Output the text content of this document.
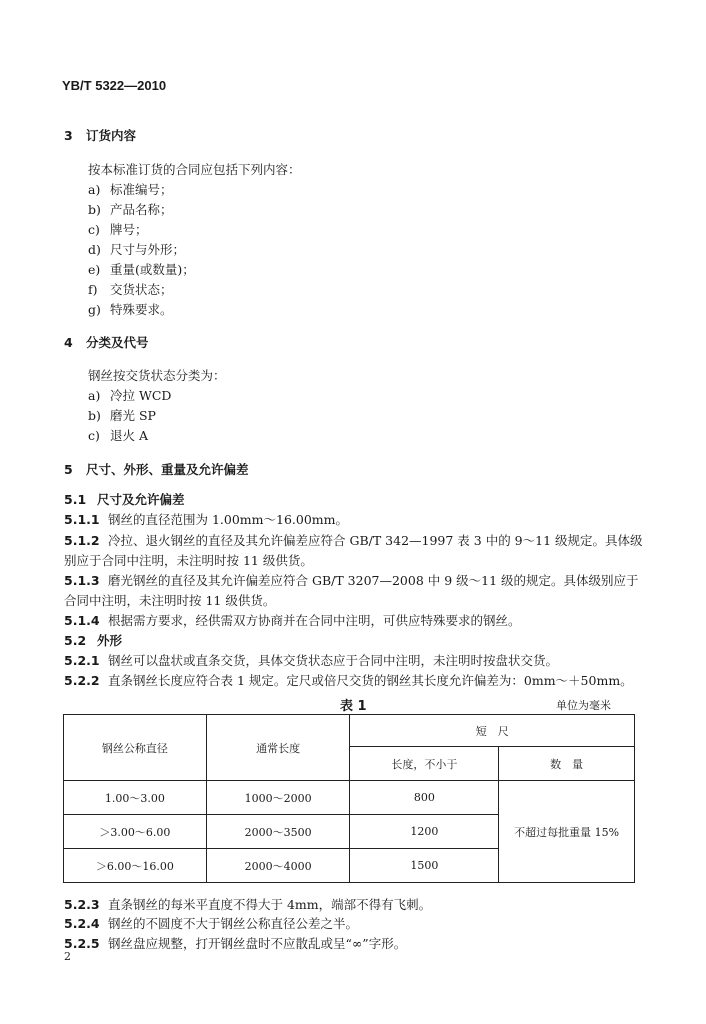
YB/T 5322—2010
3 订货内容
按本标准订货的合同应包括下列内容：
a) 标准编号；
b) 产品名称；
c) 牌号；
d) 尺寸与外形；
e) 重量(或数量)；
f) 交货状态；
g) 特殊要求。
4 分类及代号
钢丝按交货状态分类为：
a) 冷拉 WCD
b) 磨光 SP
c) 退火 A
5 尺寸、外形、重量及允许偏差
5.1 尺寸及允许偏差
5.1.1 钢丝的直径范围为 1.00mm～16.00mm。
5.1.2 冷拉、退火钢丝的直径及其允许偏差应符合 GB/T 342—1997 表 3 中的 9～11 级规定。具体级
别应于合同中注明，未注明时按 11 级供货。
5.1.3 磨光钢丝的直径及其允许偏差应符合 GB/T 3207—2008 中 9 级～11 级的规定。具体级别应于
合同中注明，未注明时按 11 级供货。
5.1.4 根据需方要求，经供需双方协商并在合同中注明，可供应特殊要求的钢丝。
5.2 外形
5.2.1 钢丝可以盘状或直条交货，具体交货状态应于合同中注明，未注明时按盘状交货。
5.2.2 直条钢丝长度应符合表 1 规定。定尺或倍尺交货的钢丝其长度允许偏差为：0mm～＋50mm。
表 1	单位为毫米
钢丝公称直径	通常长度	短　尺	
		长度，不小于	数　量
1.00～3.00	1000～2000	800	不超过每批重量 15%
＞3.00～6.00	2000～3500	1200	
＞6.00～16.00	2000～4000	1500	
5.2.3 直条钢丝的每米平直度不得大于 4mm，端部不得有飞刺。
5.2.4 钢丝的不圆度不大于钢丝公称直径公差之半。
5.2.5 钢丝盘应规整，打开钢丝盘时不应散乱或呈“∞”字形。
2
